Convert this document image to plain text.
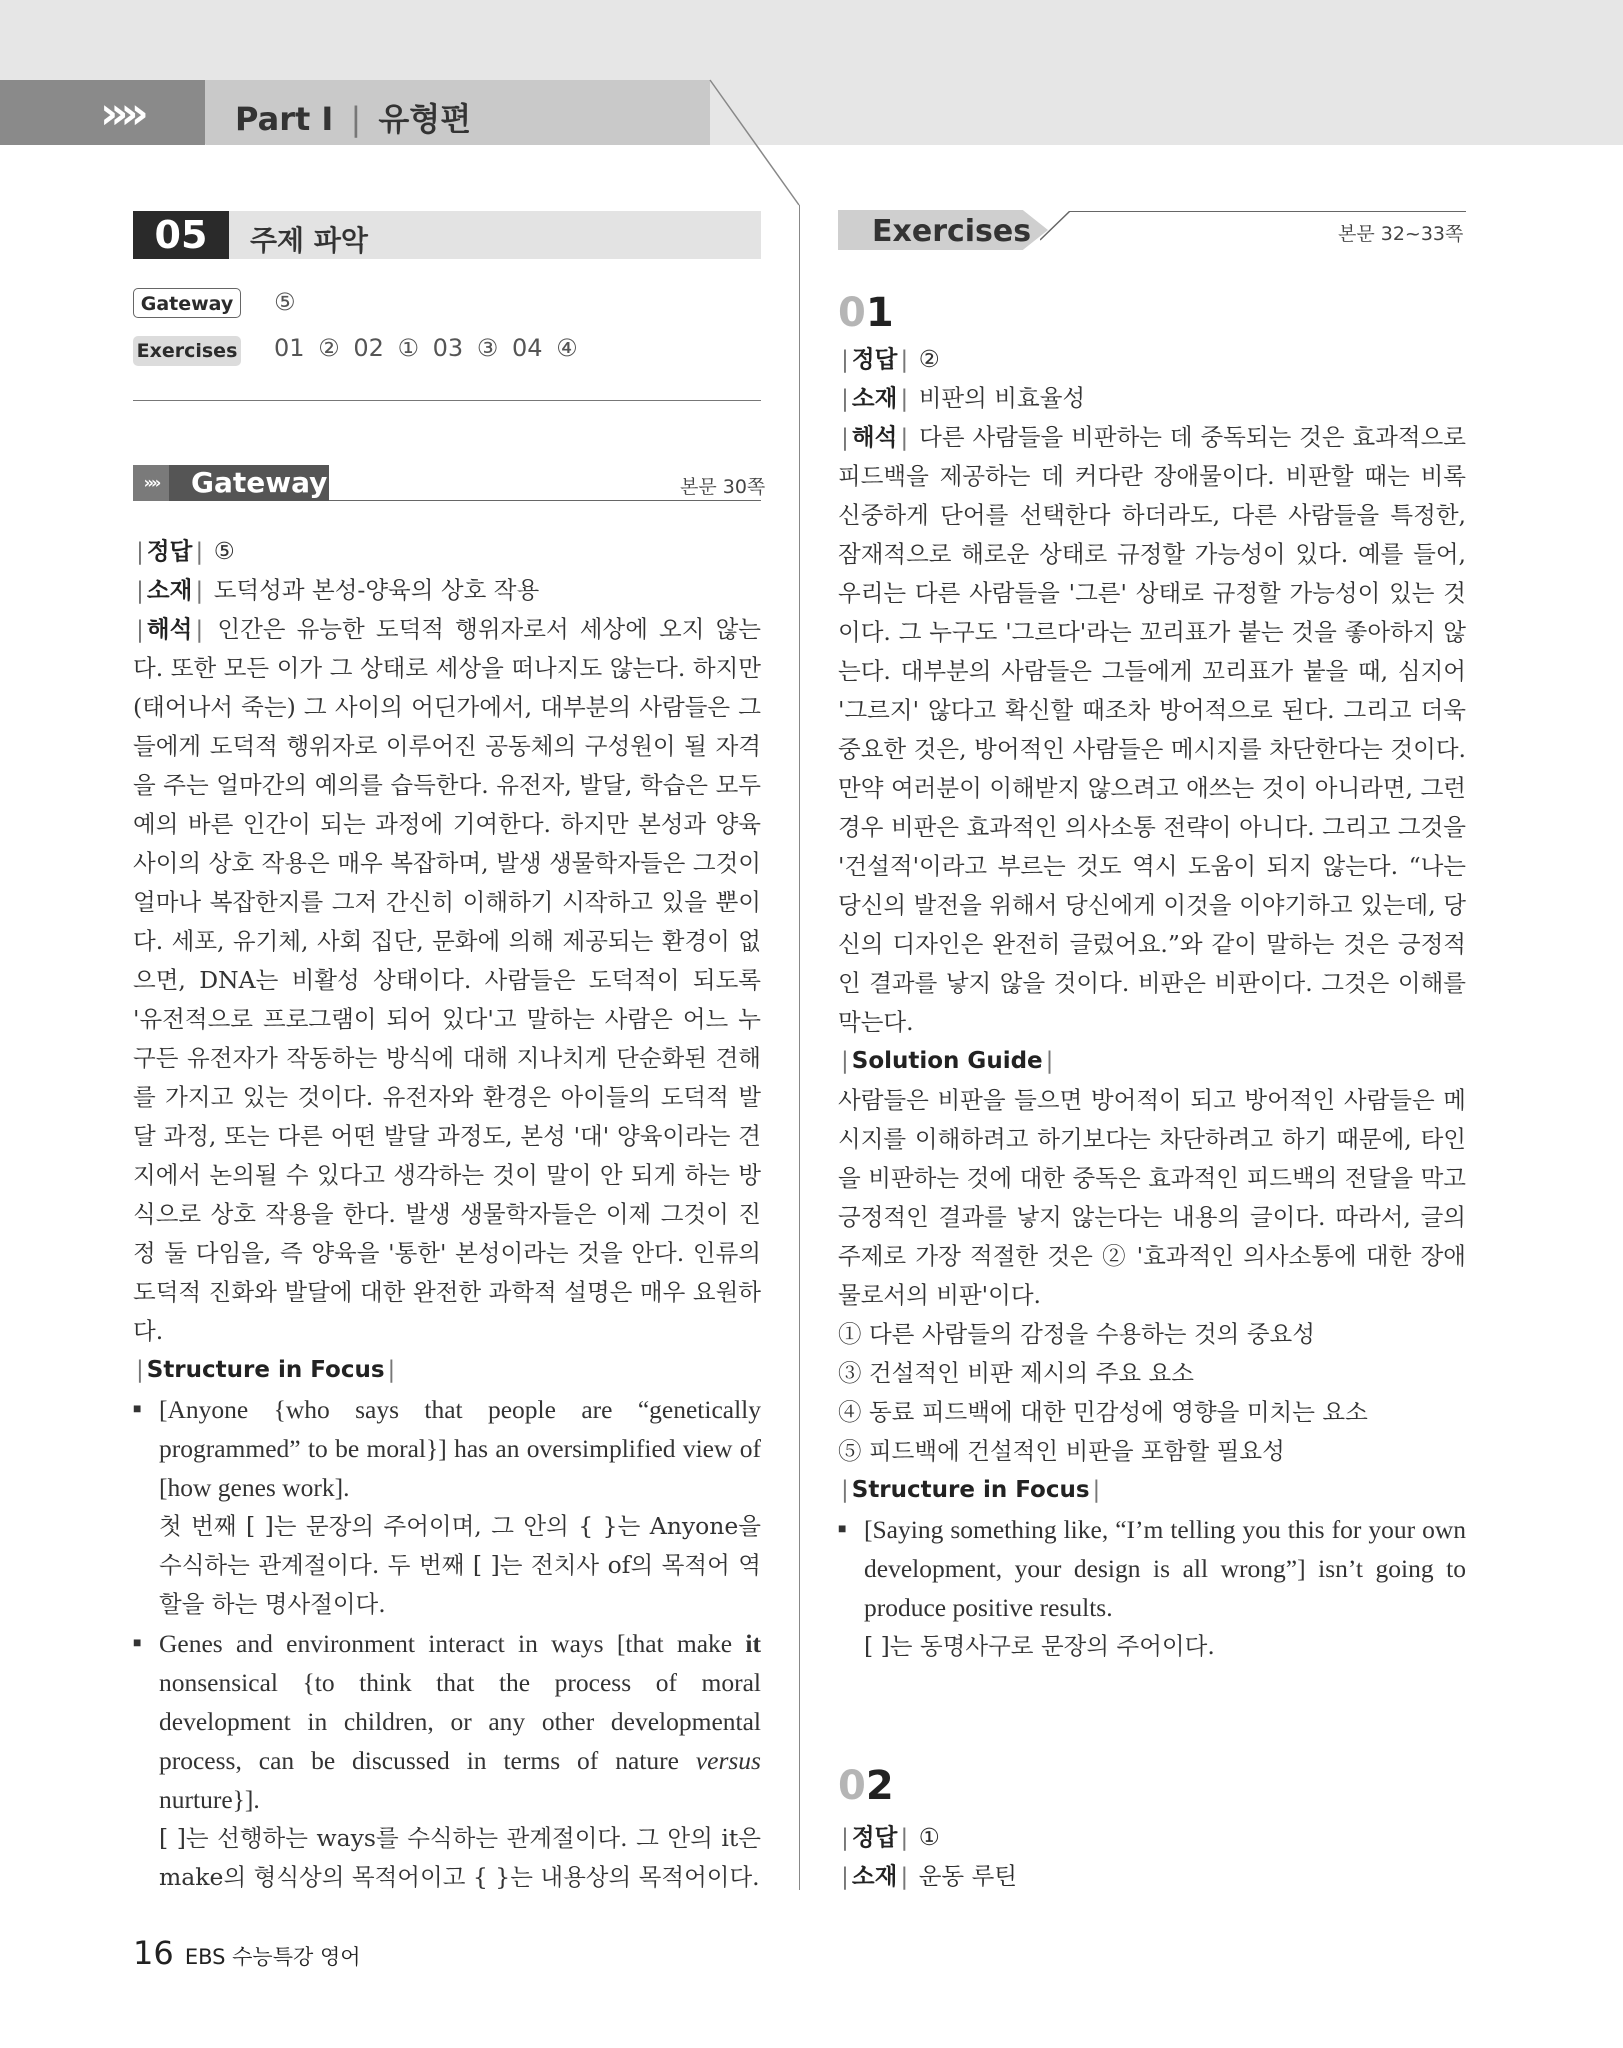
»»	Part Ⅰ | 유형편
05	주제 파악
Gateway	⑤
Exercises 01 ② 02 ① 03 ③ 04 ④
»»	Gateway	본문 30쪽

| 정답 | ⑤

| 소재 | 도덕성과 본성-양육의 상호 작용

| 해석 | 인간은 유능한 도덕적 행위자로서 세상에 오지 않는다. 또한 모든 이가 그 상태로 세상을 떠나지도 않는다. 하지만 (태어나서 죽는) 그 사이의 어딘가에서, 대부분의 사람들은 그들에게 도덕적 행위자로 이루어진 공동체의 구성원이 될 자격을 주는 얼마간의 예의를 습득한다. 유전자, 발달, 학습은 모두 예의 바른 인간이 되는 과정에 기여한다. 하지만 본성과 양육 사이의 상호 작용은 매우 복잡하며, 발생 생물학자들은 그것이 얼마나 복잡한지를 그저 간신히 이해하기 시작하고 있을 뿐이다. 세포, 유기체, 사회 집단, 문화에 의해 제공되는 환경이 없으면, DNA는 비활성 상태이다. 사람들은 도덕적이 되도록 '유전적으로 프로그램이 되어 있다'고 말하는 사람은 어느 누구든 유전자가 작동하는 방식에 대해 지나치게 단순화된 견해를 가지고 있는 것이다. 유전자와 환경은 아이들의 도덕적 발달 과정, 또는 다른 어떤 발달 과정도, 본성 '대' 양육이라는 견지에서 논의될 수 있다고 생각하는 것이 말이 안 되게 하는 방식으로 상호 작용을 한다. 발생 생물학자들은 이제 그것이 진정 둘 다임을, 즉 양육을 '통한' 본성이라는 것을 안다. 인류의 도덕적 진화와 발달에 대한 완전한 과학적 설명은 매우 요원하다.

| Structure in Focus |

■ [Anyone {who says that people are “genetically programmed” to be moral}] has an oversimplified view of [how genes work].

첫 번째 [ ]는 문장의 주어이며, 그 안의 { }는 Anyone을 수식하는 관계절이다. 두 번째 [ ]는 전치사 of의 목적어 역할을 하는 명사절이다.

■ Genes and environment interact in ways [that make it nonsensical {to think that the process of moral development in children, or any other developmental process, can be discussed in terms of nature versus nurture}].

[ ]는 선행하는 ways를 수식하는 관계절이다. 그 안의 it은 make의 형식상의 목적어이고 { }는 내용상의 목적어이다.

Exercises	본문 32~33쪽
01

| 정답 | ②

| 소재 | 비판의 비효율성

| 해석 | 다른 사람들을 비판하는 데 중독되는 것은 효과적으로 피드백을 제공하는 데 커다란 장애물이다. 비판할 때는 비록 신중하게 단어를 선택한다 하더라도, 다른 사람들을 특정한, 잠재적으로 해로운 상태로 규정할 가능성이 있다. 예를 들어, 우리는 다른 사람들을 '그른' 상태로 규정할 가능성이 있는 것이다. 그 누구도 '그르다'라는 꼬리표가 붙는 것을 좋아하지 않는다. 대부분의 사람들은 그들에게 꼬리표가 붙을 때, 심지어 '그르지' 않다고 확신할 때조차 방어적으로 된다. 그리고 더욱 중요한 것은, 방어적인 사람들은 메시지를 차단한다는 것이다. 만약 여러분이 이해받지 않으려고 애쓰는 것이 아니라면, 그런 경우 비판은 효과적인 의사소통 전략이 아니다. 그리고 그것을 '건설적'이라고 부르는 것도 역시 도움이 되지 않는다. “나는 당신의 발전을 위해서 당신에게 이것을 이야기하고 있는데, 당신의 디자인은 완전히 글렀어요.”와 같이 말하는 것은 긍정적인 결과를 낳지 않을 것이다. 비판은 비판이다. 그것은 이해를 막는다.

| Solution Guide |

사람들은 비판을 들으면 방어적이 되고 방어적인 사람들은 메시지를 이해하려고 하기보다는 차단하려고 하기 때문에, 타인을 비판하는 것에 대한 중독은 효과적인 피드백의 전달을 막고 긍정적인 결과를 낳지 않는다는 내용의 글이다. 따라서, 글의 주제로 가장 적절한 것은 ② '효과적인 의사소통에 대한 장애물로서의 비판'이다.

① 다른 사람들의 감정을 수용하는 것의 중요성

③ 건설적인 비판 제시의 주요 요소

④ 동료 피드백에 대한 민감성에 영향을 미치는 요소

⑤ 피드백에 건설적인 비판을 포함할 필요성

| Structure in Focus |

■ [Saying something like, “I’m telling you this for your own development, your design is all wrong”] isn’t going to produce positive results.

[ ]는 동명사구로 문장의 주어이다.

02

| 정답 | ①

| 소재 | 운동 루틴

16 EBS 수능특강 영어
